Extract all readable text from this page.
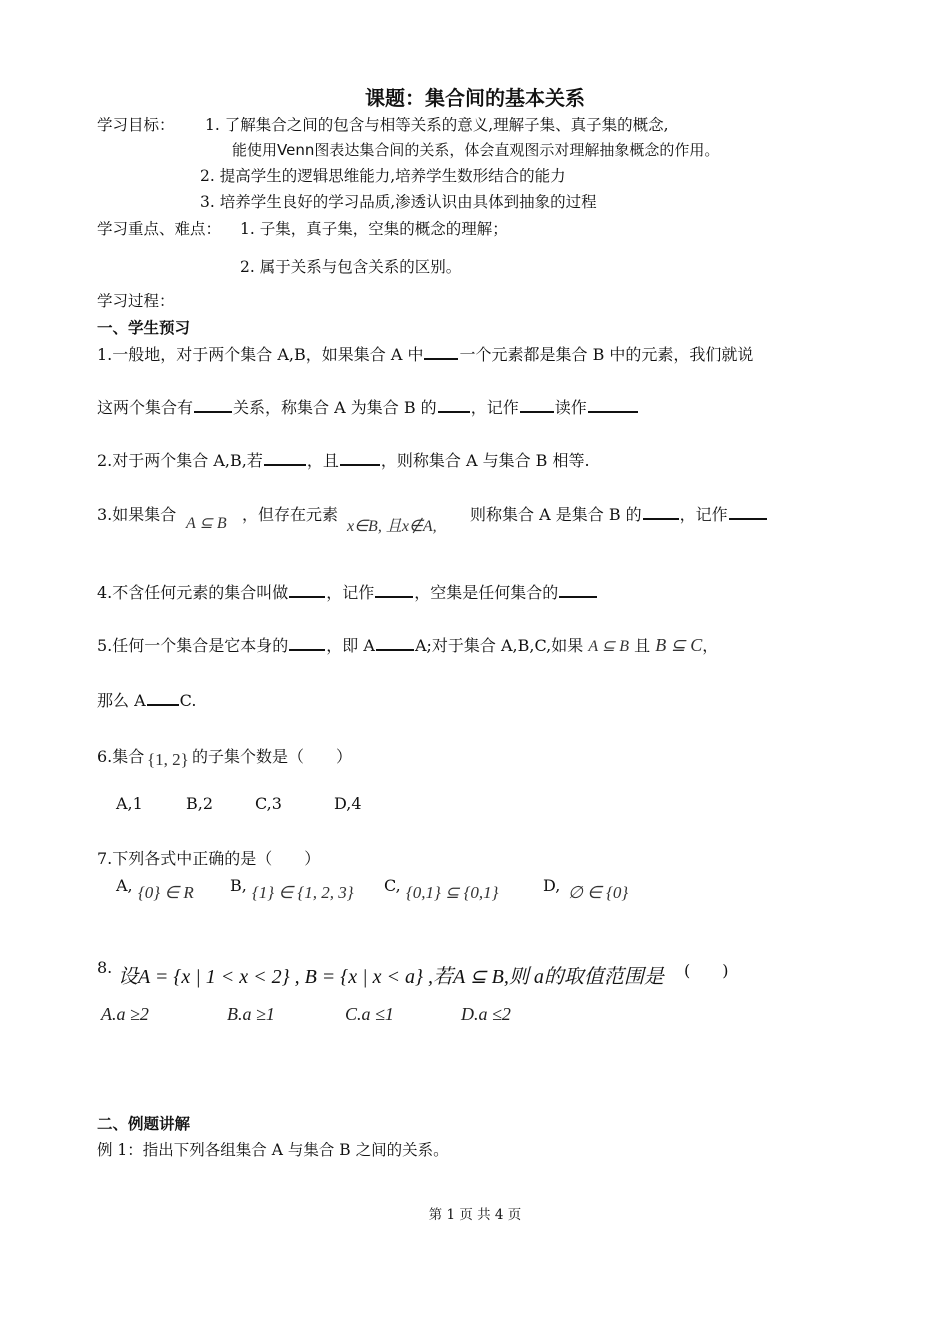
课题：集合间的基本关系
学习目标： 1. 了解集合之间的包含与相等关系的意义,理解子集、真子集的概念,
能使用Venn图表达集合间的关系，体会直观图示对理解抽象概念的作用。
2. 提高学生的逻辑思维能力,培养学生数形结合的能力
3. 培养学生良好的学习品质,渗透认识由具体到抽象的过程
学习重点、难点： 1. 子集，真子集，空集的概念的理解；
2. 属于关系与包含关系的区别。
学习过程：
一、学生预习
1.一般地，对于两个集合 A,B，如果集合 A 中 一个元素都是集合 B 中的元素，我们就说
这两个集合有	关系，称集合 A 为集合 B 的 ，记作 读作
2.对于两个集合 A,B,若	，且	，则称集合 A 与集合 B 相等.
3.如果集合 A ⊆ B ，但存在元素
x∈B, 且x∉A,
则称集合 A 是集合 B 的 ，记作
4.不含任何元素的集合叫做 ，记作	，空集是任何集合的
5.任何一个集合是它本身的 ，即 A	A;对于集合 A,B,C,如果 A ⊆ B 且 B ⊆ C，
那么 A C.
6.集合 {1, 2} 的子集个数是（　　）
A,1	B,2	C,3	D,4
7.下列各式中正确的是（　　）
A, {0} ∈ R B, {1} ∈ {1, 2, 3} C, {0,1} ⊆ {0,1}	D, ∅ ∈ {0}
8. 设A = {x | 1 < x < 2} , B = {x | x < a} ,若A ⊆ B,则 a的取值范围是 (　　)
A.a ≥2	B.a ≥1	C.a ≤1	D.a ≤2
二、例题讲解
例 1：指出下列各组集合 A 与集合 B 之间的关系。
第 1 页 共 4 页
